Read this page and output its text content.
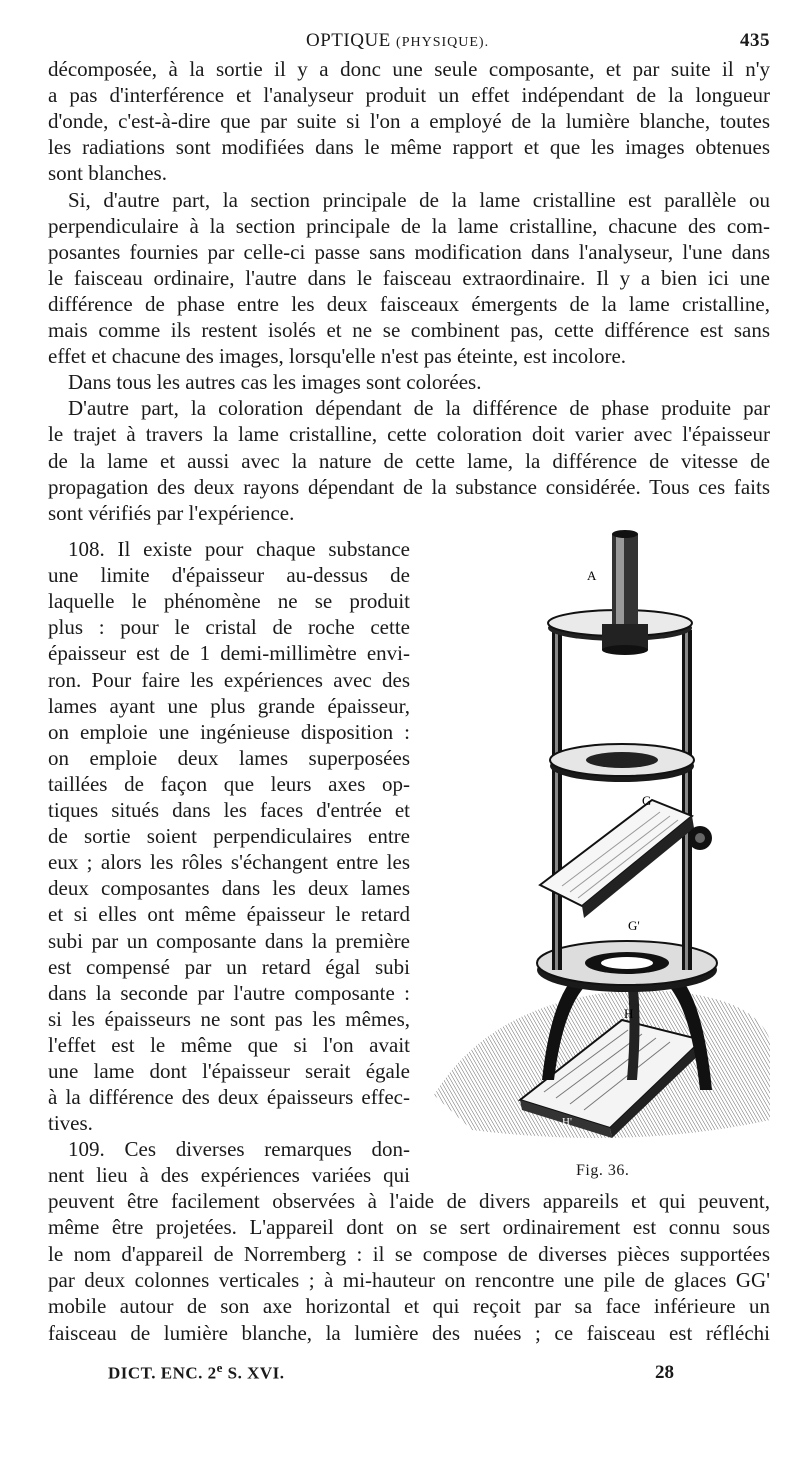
OPTIQUE (PHYSIQUE).	435
décomposée, à la sortie il y a donc une seule composante, et par suite il n'y
a pas d'interférence et l'analyseur produit un effet indépendant de la longueur
d'onde, c'est-à-dire que par suite si l'on a employé de la lumière blanche, toutes
les radiations sont modifiées dans le même rapport et que les images obtenues
sont blanches.
Si, d'autre part, la section principale de la lame cristalline est parallèle ou
perpendiculaire à la section principale de la lame cristalline, chacune des com-
posantes fournies par celle-ci passe sans modification dans l'analyseur, l'une dans
le faisceau ordinaire, l'autre dans le faisceau extraordinaire. Il y a bien ici une
différence de phase entre les deux faisceaux émergents de la lame cristalline,
mais comme ils restent isolés et ne se combinent pas, cette différence est sans
effet et chacune des images, lorsqu'elle n'est pas éteinte, est incolore.
Dans tous les autres cas les images sont colorées.
D'autre part, la coloration dépendant de la différence de phase produite par
le trajet à travers la lame cristalline, cette coloration doit varier avec l'épaisseur
de la lame et aussi avec la nature de cette lame, la différence de vitesse de
propagation des deux rayons dépendant de la substance considérée. Tous ces faits
sont vérifiés par l'expérience.
108. Il existe pour chaque substance
une limite d'épaisseur au-dessus de
laquelle le phénomène ne se produit
plus : pour le cristal de roche cette
épaisseur est de 1 demi-millimètre envi-
ron. Pour faire les expériences avec des
lames ayant une plus grande épaisseur,
on emploie une ingénieuse disposition :
on emploie deux lames superposées
taillées de façon que leurs axes op-
tiques situés dans les faces d'entrée et
de sortie soient perpendiculaires entre
eux ; alors les rôles s'échangent entre les
deux composantes dans les deux lames
et si elles ont même épaisseur le retard
subi par un composante dans la première
est compensé par un retard égal subi
dans la seconde par l'autre composante :
si les épaisseurs ne sont pas les mêmes,
l'effet est le même que si l'on avait
une lame dont l'épaisseur serait égale
à la différence des deux épaisseurs effec-
tives.
109. Ces diverses remarques don-
nent lieu à des expériences variées qui
peuvent être facilement observées à l'aide de divers appareils et qui peuvent,
même être projetées. L'appareil dont on se sert ordinairement est connu sous
le nom d'appareil de Norremberg : il se compose de diverses pièces supportées
par deux colonnes verticales ; à mi-hauteur on rencontre une pile de glaces GG'
mobile autour de son axe horizontal et qui reçoit par sa face inférieure un
faisceau de lumière blanche, la lumière des nuées ; ce faisceau est réfléchi
A
G
G'
H
H'
Fig. 36.
DICT. ENC. 2e S. XVI.	28
